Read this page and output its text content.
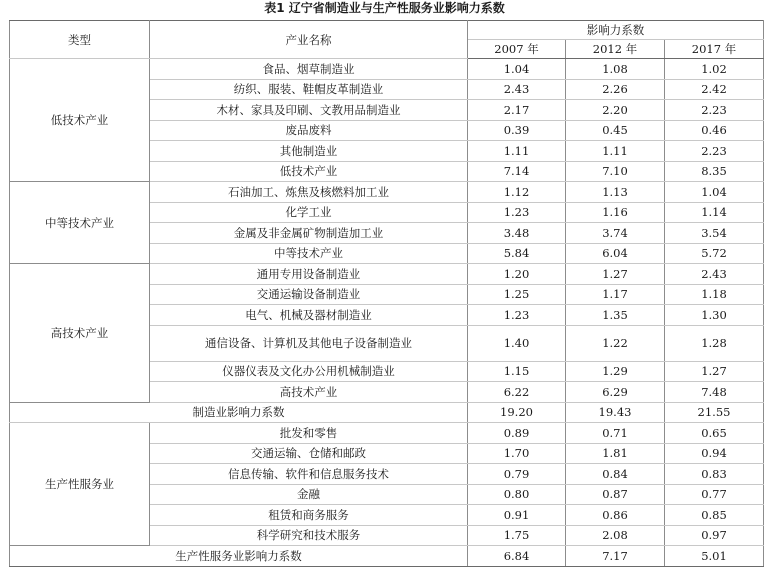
表1 辽宁省制造业与生产性服务业影响力系数
类型	产业名称	影响力系数		
		2007 年	2012 年	2017 年
低技术产业	食品、烟草制造业	1.04	1.08	1.02
	纺织、服装、鞋帽皮革制造业	2.43	2.26	2.42
	木材、家具及印刷、文教用品制造业	2.17	2.20	2.23
	废品废料	0.39	0.45	0.46
	其他制造业	1.11	1.11	2.23
	低技术产业	7.14	7.10	8.35
中等技术产业	石油加工、炼焦及核燃料加工业	1.12	1.13	1.04
	化学工业	1.23	1.16	1.14
	金属及非金属矿物制造加工业	3.48	3.74	3.54
	中等技术产业	5.84	6.04	5.72
高技术产业	通用专用设备制造业	1.20	1.27	2.43
	交通运输设备制造业	1.25	1.17	1.18
	电气、机械及器材制造业	1.23	1.35	1.30
	通信设备、计算机及其他电子设备制造业	1.40	1.22	1.28
	仪器仪表及文化办公用机械制造业	1.15	1.29	1.27
	高技术产业	6.22	6.29	7.48
制造业影响力系数		19.20	19.43	21.55
生产性服务业	批发和零售	0.89	0.71	0.65
	交通运输、仓储和邮政	1.70	1.81	0.94
	信息传输、软件和信息服务技术	0.79	0.84	0.83
	金融	0.80	0.87	0.77
	租赁和商务服务	0.91	0.86	0.85
	科学研究和技术服务	1.75	2.08	0.97
生产性服务业影响力系数		6.84	7.17	5.01
